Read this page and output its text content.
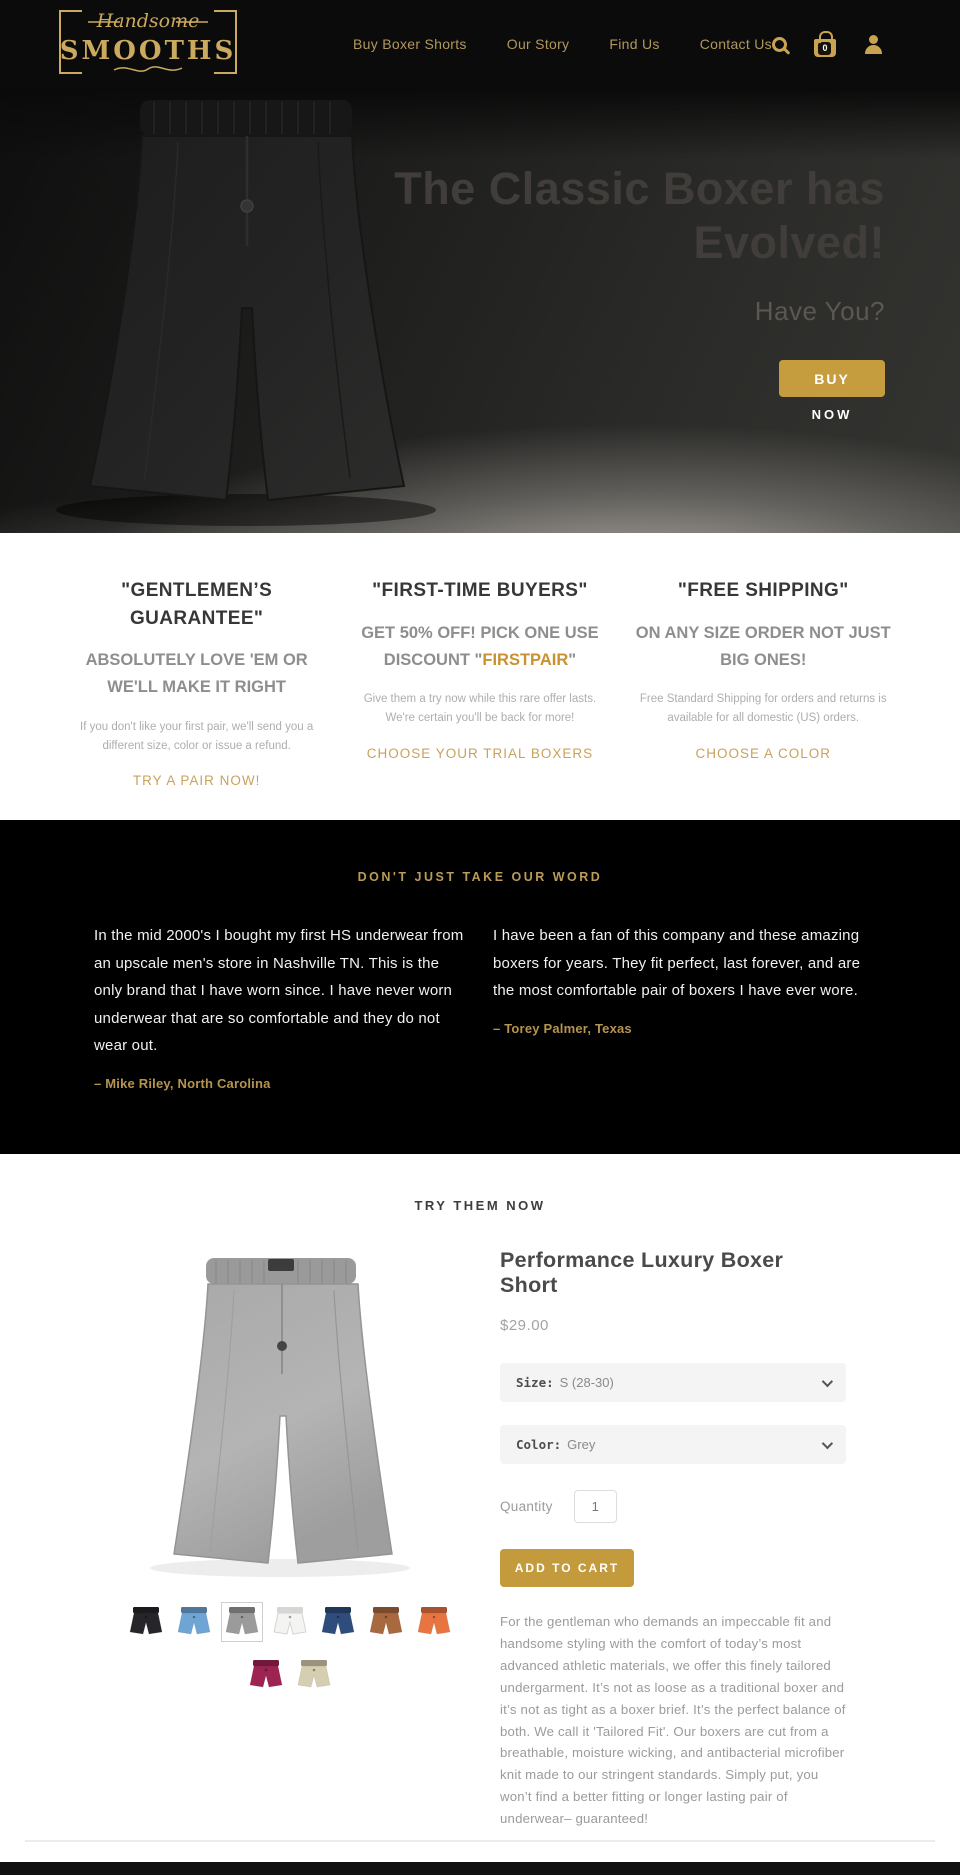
Handsome
SMOOTHS	Buy Boxer Shorts	Our Story	Find Us	Contact Us	0
The Classic Boxer has Evolved!
Have You?
BUY
NOW
"GENTLEMEN’S GUARANTEE"
ABSOLUTELY LOVE 'EM OR WE'LL MAKE IT RIGHT
If you don't like your first pair, we'll send you a different size, color or issue a refund.
TRY A PAIR NOW!
"FIRST-TIME BUYERS"
GET 50% OFF! PICK ONE USE DISCOUNT "FIRSTPAIR"
Give them a try now while this rare offer lasts. We're certain you'll be back for more!
CHOOSE YOUR TRIAL BOXERS
"FREE SHIPPING"
ON ANY SIZE ORDER NOT JUST BIG ONES!
Free Standard Shipping for orders and returns is available for all domestic (US) orders.
CHOOSE A COLOR
DON'T JUST TAKE OUR WORD
In the mid 2000's I bought my first HS underwear from an upscale men's store in Nashville TN. This is the only brand that I have worn since. I have never worn underwear that are so comfortable and they do not wear out.
– Mike Riley, North Carolina
I have been a fan of this company and these amazing boxers for years. They fit perfect, last forever, and are the most comfortable pair of boxers I have ever wore.
– Torey Palmer, Texas
TRY THEM NOW
Performance Luxury Boxer Short
$29.00
Size: S (28-30)
Color: Grey
Quantity
1
ADD TO CART
For the gentleman who demands an impeccable fit and handsome styling with the comfort of today’s most advanced athletic materials, we offer this finely tailored undergarment. It’s not as loose as a traditional boxer and it’s not as tight as a boxer brief. It’s the perfect balance of both. We call it 'Tailored Fit'. Our boxers are cut from a breathable, moisture wicking, and antibacterial microfiber knit made to our stringent standards. Simply put, you won’t find a better fitting or longer lasting pair of underwear– guaranteed!
